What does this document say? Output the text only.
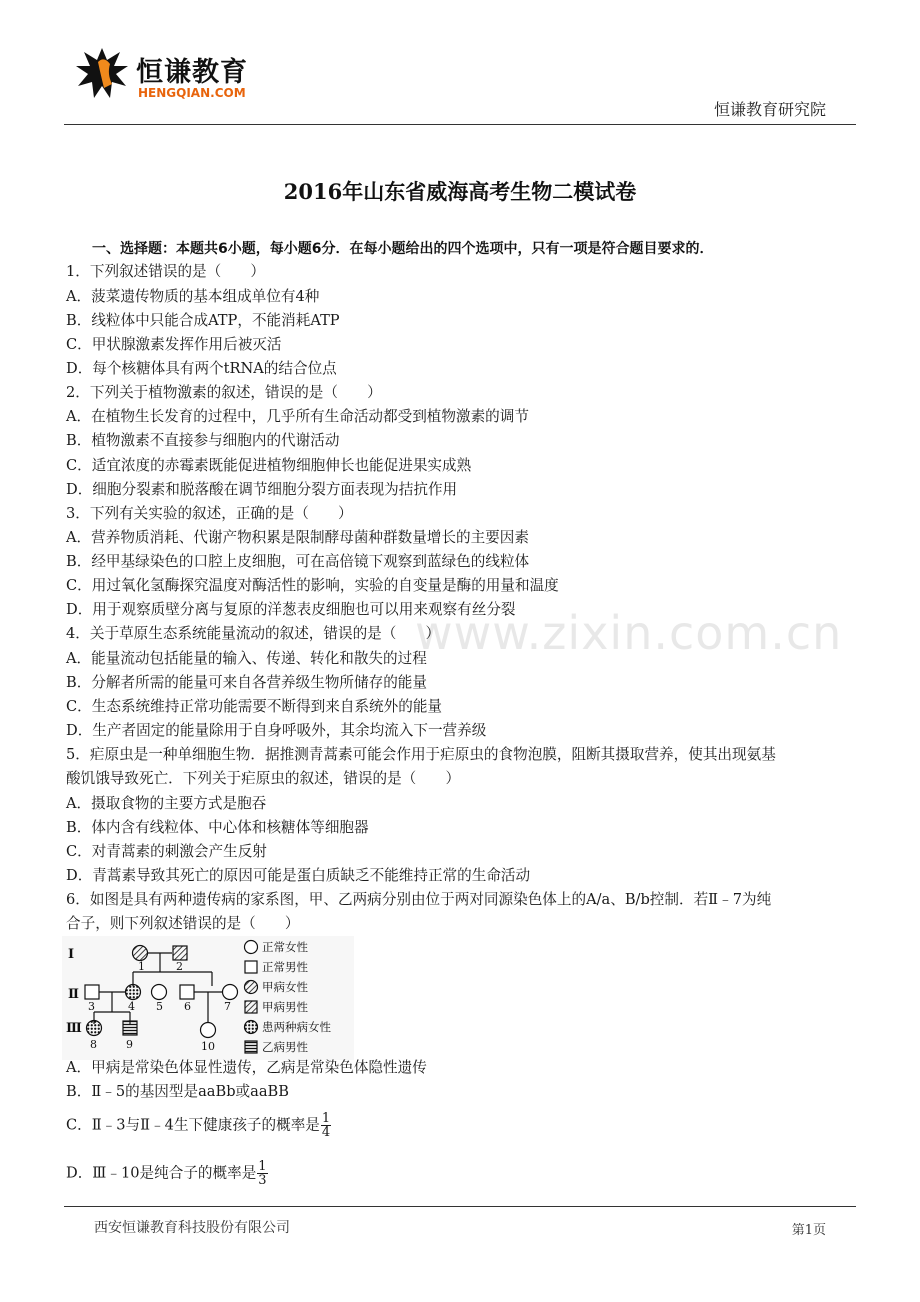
恒谦教育
HENGQIAN.COM
恒谦教育研究院
2016年山东省威海高考生物二模试卷
一、选择题：本题共6小题，每小题6分．在每小题给出的四个选项中，只有一项是符合题目要求的．
www.zixin.com.cn
1．下列叙述错误的是（　　）
A．菠菜遗传物质的基本组成单位有4种
B．线粒体中只能合成ATP，不能消耗ATP
C．甲状腺激素发挥作用后被灭活
D．每个核糖体具有两个tRNA的结合位点
2．下列关于植物激素的叙述，错误的是（　　）
A．在植物生长发育的过程中，几乎所有生命活动都受到植物激素的调节
B．植物激素不直接参与细胞内的代谢活动
C．适宜浓度的赤霉素既能促进植物细胞伸长也能促进果实成熟
D．细胞分裂素和脱落酸在调节细胞分裂方面表现为拮抗作用
3．下列有关实验的叙述，正确的是（　　）
A．营养物质消耗、代谢产物积累是限制酵母菌种群数量增长的主要因素
B．经甲基绿染色的口腔上皮细胞，可在高倍镜下观察到蓝绿色的线粒体
C．用过氧化氢酶探究温度对酶活性的影响，实验的自变量是酶的用量和温度
D．用于观察质壁分离与复原的洋葱表皮细胞也可以用来观察有丝分裂
4．关于草原生态系统能量流动的叙述，错误的是（　　）
A．能量流动包括能量的输入、传递、转化和散失的过程
B．分解者所需的能量可来自各营养级生物所储存的能量
C．生态系统维持正常功能需要不断得到来自系统外的能量
D．生产者固定的能量除用于自身呼吸外，其余均流入下一营养级
5．疟原虫是一种单细胞生物．据推测青蒿素可能会作用于疟原虫的食物泡膜，阻断其摄取营养，使其出现氨基
酸饥饿导致死亡．下列关于疟原虫的叙述，错误的是（　　）
A．摄取食物的主要方式是胞吞
B．体内含有线粒体、中心体和核糖体等细胞器
C．对青蒿素的刺激会产生反射
D．青蒿素导致其死亡的原因可能是蛋白质缺乏不能维持正常的生命活动
6．如图是具有两种遗传病的家系图，甲、乙两病分别由位于两对同源染色体上的A/a、B/b控制．若Ⅱ﹣7为纯
合子，则下列叙述错误的是（　　）
Ⅰ
Ⅱ
Ⅲ
1	2
3	4 5 6	7
8	9	10
正常女性
正常男性
甲病女性
甲病男性
患两种病女性
乙病男性
A．甲病是常染色体显性遗传，乙病是常染色体隐性遗传
B．Ⅱ﹣5的基因型是aaBb或aaBB
C．Ⅱ﹣3与Ⅱ﹣4生下健康孩子的概率是 $\frac{1}{4}$
D．Ⅲ﹣10是纯合子的概率是 $\frac{1}{3}$
西安恒谦教育科技股份有限公司	第1页
